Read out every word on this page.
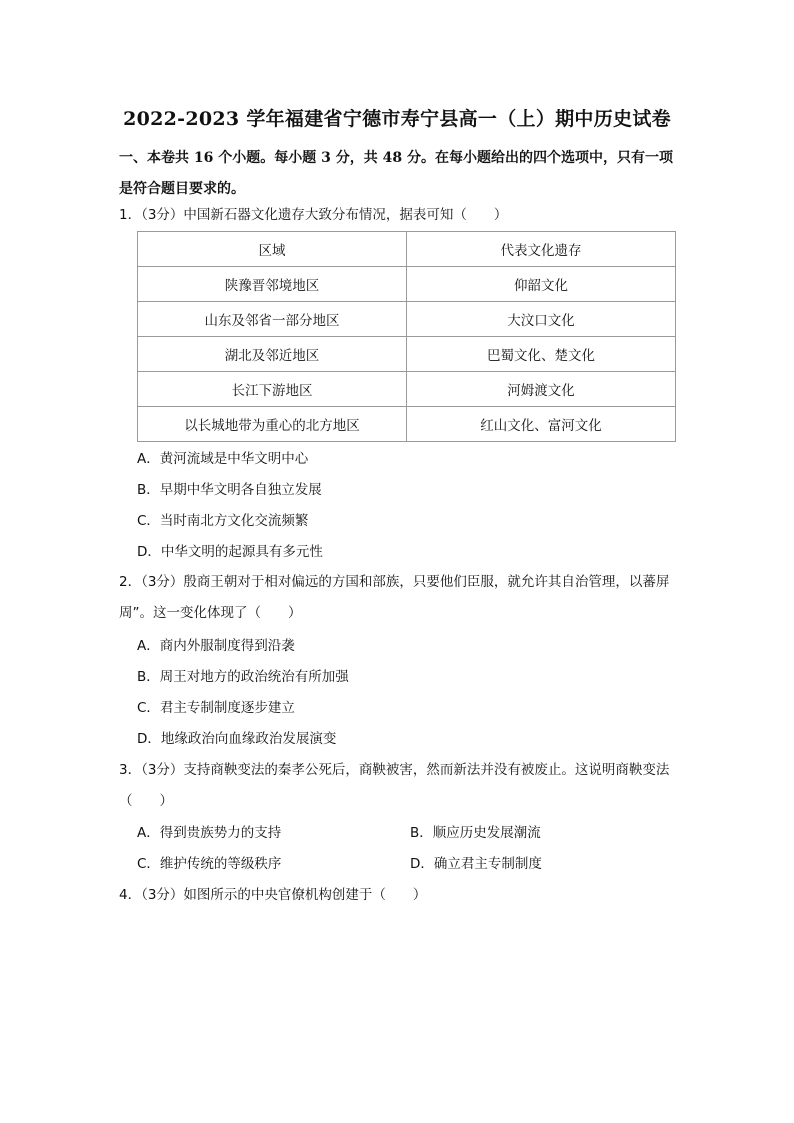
2022-2023 学年福建省宁德市寿宁县高一（上）期中历史试卷
一、本卷共 16 个小题。每小题 3 分，共 48 分。在每小题给出的四个选项中，只有一项是符合题目要求的。
1．（3分）中国新石器文化遗存大致分布情况，据表可知（　　）
区域	代表文化遗存
陕豫晋邻境地区	仰韶文化
山东及邻省一部分地区	大汶口文化
湖北及邻近地区	巴蜀文化、楚文化
长江下游地区	河姆渡文化
以长城地带为重心的北方地区	红山文化、富河文化
A．黄河流域是中华文明中心
B．早期中华文明各自独立发展
C．当时南北方文化交流频繁
D．中华文明的起源具有多元性
2．（3分）殷商王朝对于相对偏远的方国和部族，只要他们臣服，就允许其自治管理，以蕃屏周”。这一变化体现了（　　）
A．商内外服制度得到沿袭
B．周王对地方的政治统治有所加强
C．君主专制制度逐步建立
D．地缘政治向血缘政治发展演变
3．（3分）支持商鞅变法的秦孝公死后，商鞅被害，然而新法并没有被废止。这说明商鞅变法（　　）
A．得到贵族势力的支持	B．顺应历史发展潮流
C．维护传统的等级秩序	D．确立君主专制制度
4．（3分）如图所示的中央官僚机构创建于（　　）
